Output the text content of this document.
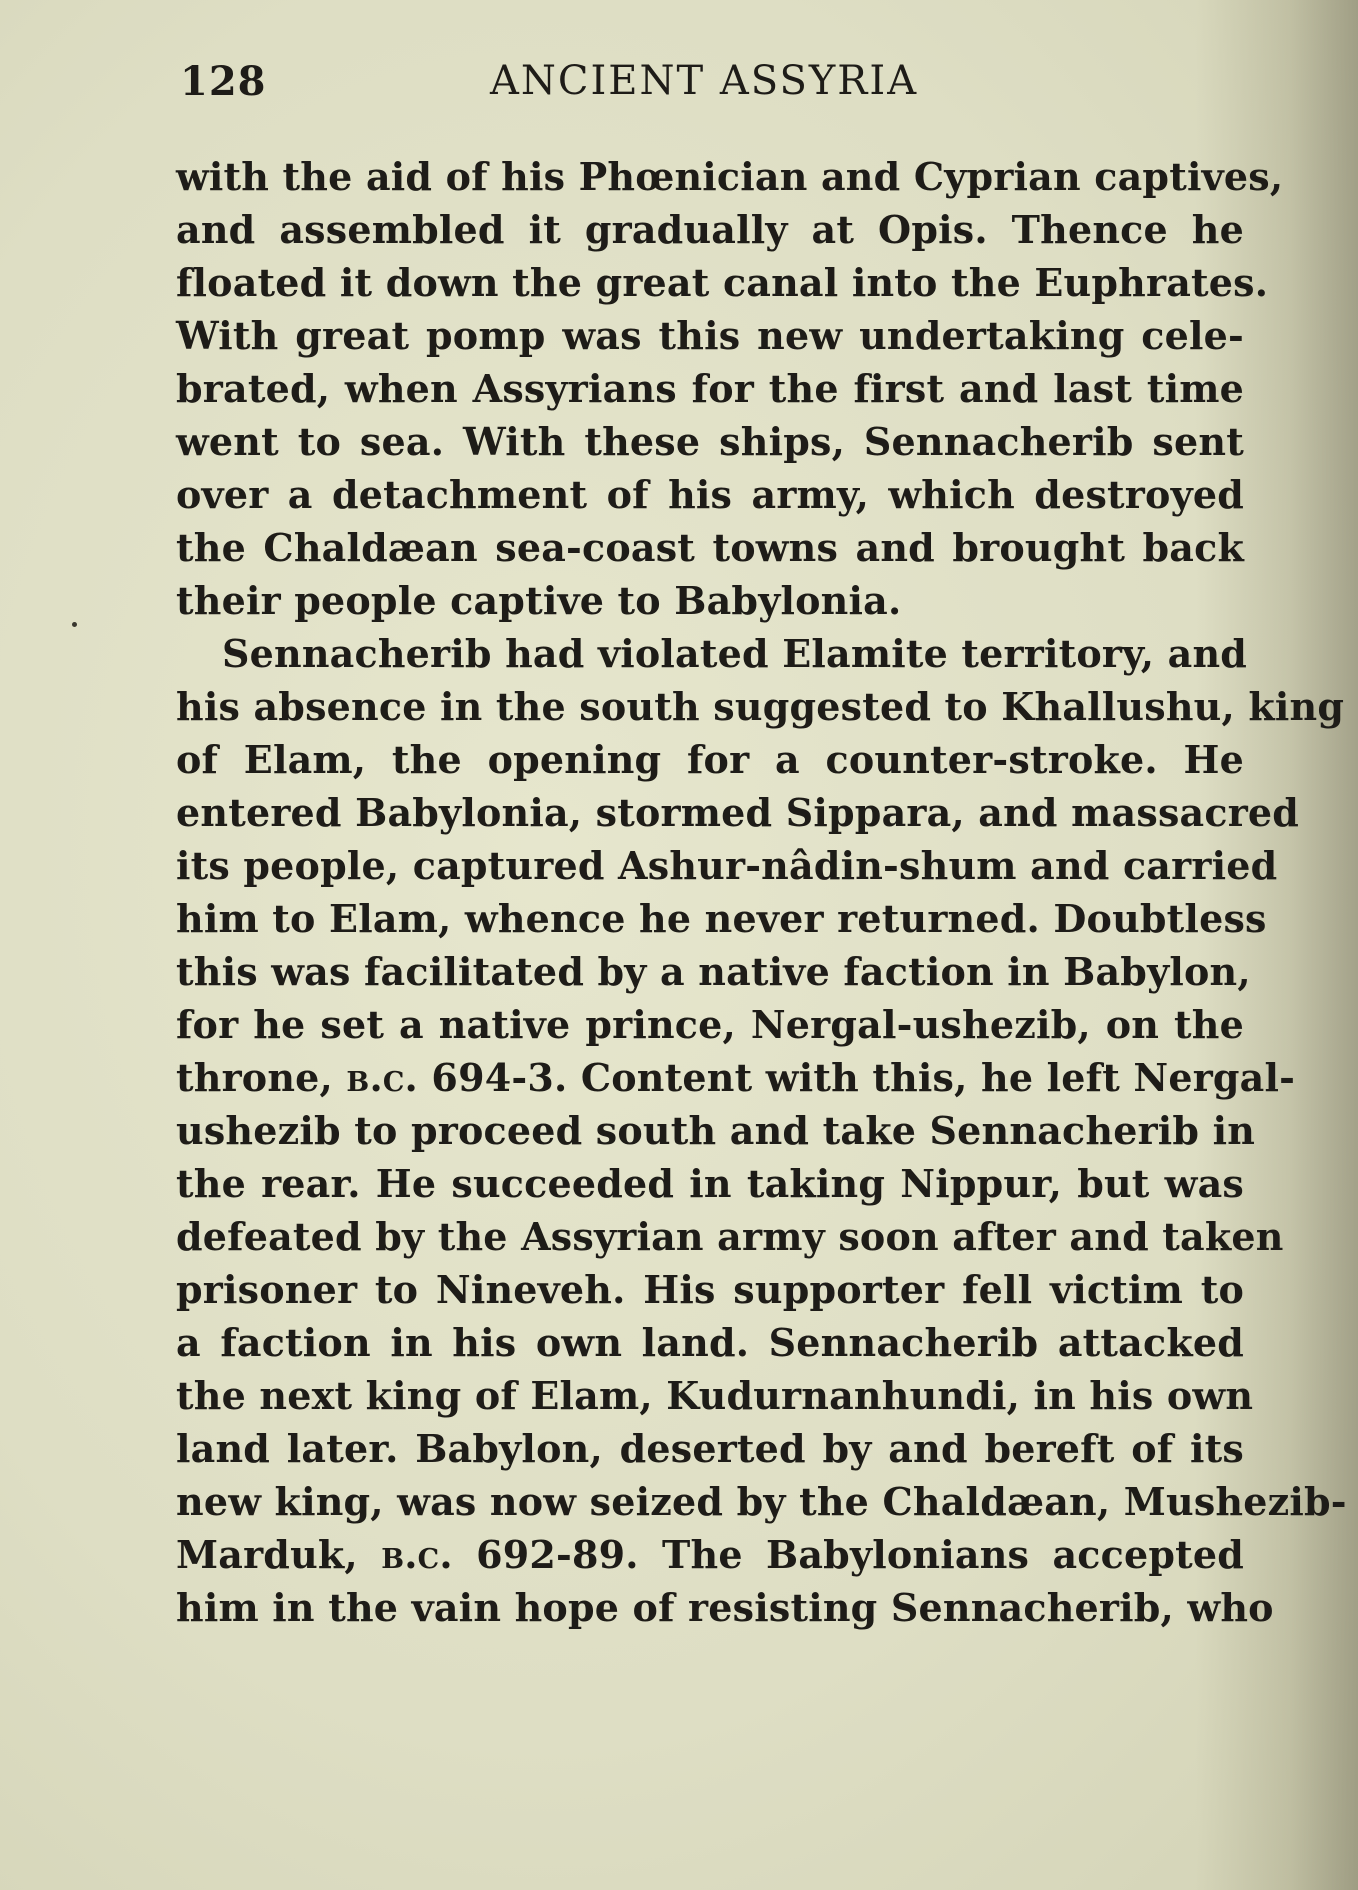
128	ANCIENT ASSYRIA
with the aid of his Phœnician and Cyprian captives,
and assembled it gradually at Opis. Thence he
floated it down the great canal into the Euphrates.
With great pomp was this new undertaking cele-
brated, when Assyrians for the first and last time
went to sea. With these ships, Sennacherib sent
over a detachment of his army, which destroyed
the Chaldæan sea-coast towns and brought back
their people captive to Babylonia.
Sennacherib had violated Elamite territory, and
his absence in the south suggested to Khallushu, king
of Elam, the opening for a counter-stroke. He
entered Babylonia, stormed Sippara, and massacred
its people, captured Ashur-nâdin-shum and carried
him to Elam, whence he never returned. Doubtless
this was facilitated by a native faction in Babylon,
for he set a native prince, Nergal-ushezib, on the
throne, b.c. 694-3. Content with this, he left Nergal-
ushezib to proceed south and take Sennacherib in
the rear. He succeeded in taking Nippur, but was
defeated by the Assyrian army soon after and taken
prisoner to Nineveh. His supporter fell victim to
a faction in his own land. Sennacherib attacked
the next king of Elam, Kudurnanhundi, in his own
land later. Babylon, deserted by and bereft of its
new king, was now seized by the Chaldæan, Mushezib-
Marduk, b.c. 692-89. The Babylonians accepted
him in the vain hope of resisting Sennacherib, who
